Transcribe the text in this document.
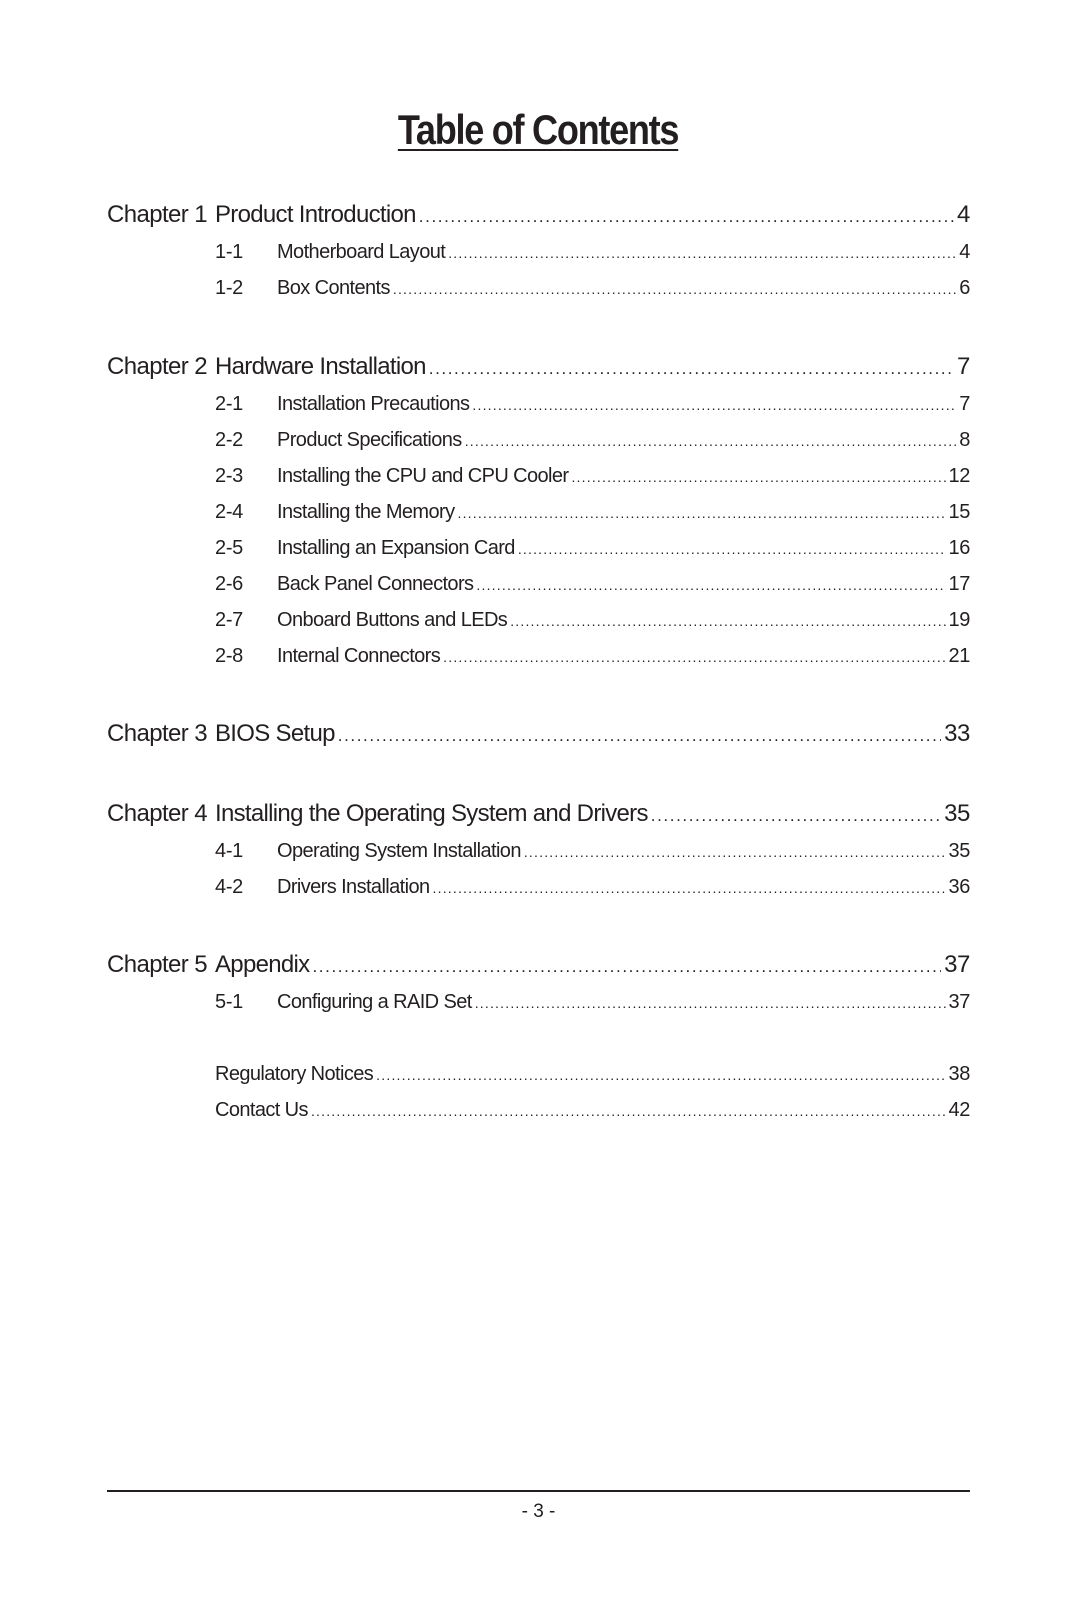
Table of Contents
Chapter 1 Product Introduction .....	4
1-1	Motherboard Layout .....	4
1-2	Box Contents .....	6
Chapter 2 Hardware Installation .....	7
2-1	Installation Precautions .....	7
2-2	Product Specifications .....	8
2-3	Installing the CPU and CPU Cooler .....	12
2-4	Installing the Memory .....	15
2-5	Installing an Expansion Card .....	16
2-6	Back Panel Connectors .....	17
2-7	Onboard Buttons and LEDs .....	19
2-8	Internal Connectors .....	21
Chapter 3 BIOS Setup .....	33
Chapter 4 Installing the Operating System and Drivers .....	35
4-1	Operating System Installation .....	35
4-2	Drivers Installation .....	36
Chapter 5 Appendix .....	37
5-1	Configuring a RAID Set .....	37
Regulatory Notices .....	38
Contact Us .....	42
- 3 -
